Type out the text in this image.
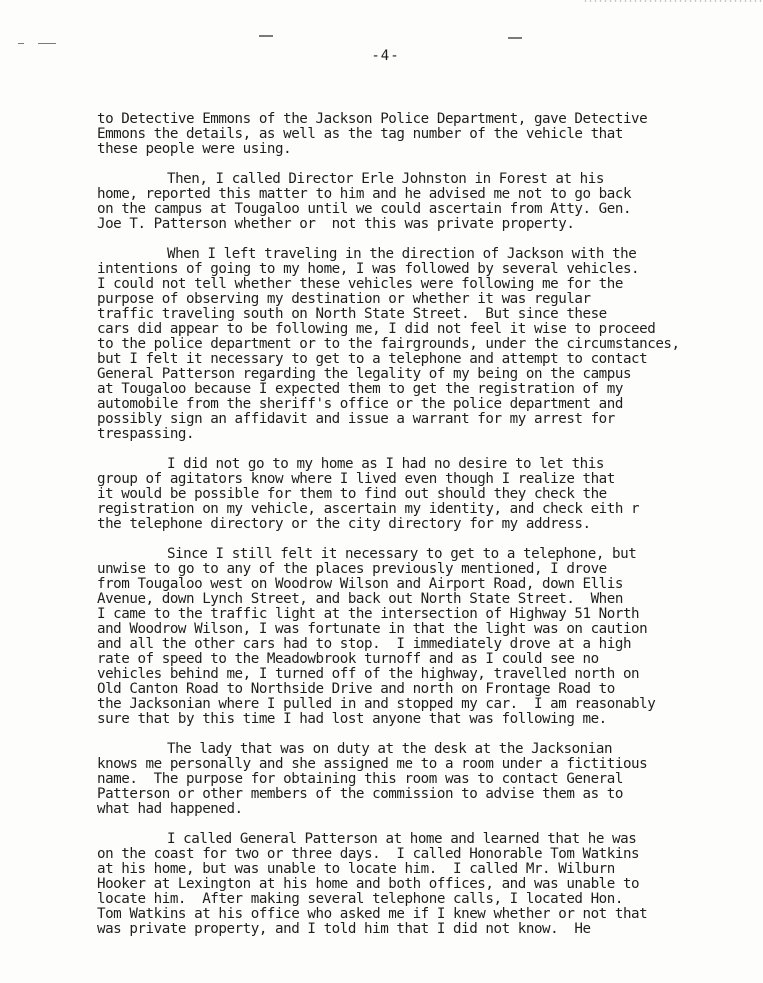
-4-
to Detective Emmons of the Jackson Police Department, gave Detective
Emmons the details, as well as the tag number of the vehicle that
these people were using.
Then, I called Director Erle Johnston in Forest at his
home, reported this matter to him and he advised me not to go back
on the campus at Tougaloo until we could ascertain from Atty. Gen.
Joe T. Patterson whether or  not this was private property.
When I left traveling in the direction of Jackson with the
intentions of going to my home, I was followed by several vehicles.
I could not tell whether these vehicles were following me for the
purpose of observing my destination or whether it was regular
traffic traveling south on North State Street.  But since these
cars did appear to be following me, I did not feel it wise to proceed
to the police department or to the fairgrounds, under the circumstances,
but I felt it necessary to get to a telephone and attempt to contact
General Patterson regarding the legality of my being on the campus
at Tougaloo because I expected them to get the registration of my
automobile from the sheriff's office or the police department and
possibly sign an affidavit and issue a warrant for my arrest for
trespassing.
I did not go to my home as I had no desire to let this
group of agitators know where I lived even though I realize that
it would be possible for them to find out should they check the
registration on my vehicle, ascertain my identity, and check eith r
the telephone directory or the city directory for my address.
Since I still felt it necessary to get to a telephone, but
unwise to go to any of the places previously mentioned, I drove
from Tougaloo west on Woodrow Wilson and Airport Road, down Ellis
Avenue, down Lynch Street, and back out North State Street.  When
I came to the traffic light at the intersection of Highway 51 North
and Woodrow Wilson, I was fortunate in that the light was on caution
and all the other cars had to stop.  I immediately drove at a high
rate of speed to the Meadowbrook turnoff and as I could see no
vehicles behind me, I turned off of the highway, travelled north on
Old Canton Road to Northside Drive and north on Frontage Road to
the Jacksonian where I pulled in and stopped my car.  I am reasonably
sure that by this time I had lost anyone that was following me.
The lady that was on duty at the desk at the Jacksonian
knows me personally and she assigned me to a room under a fictitious
name.  The purpose for obtaining this room was to contact General
Patterson or other members of the commission to advise them as to
what had happened.
I called General Patterson at home and learned that he was
on the coast for two or three days.  I called Honorable Tom Watkins
at his home, but was unable to locate him.  I called Mr. Wilburn
Hooker at Lexington at his home and both offices, and was unable to
locate him.  After making several telephone calls, I located Hon.
Tom Watkins at his office who asked me if I knew whether or not that
was private property, and I told him that I did not know.  He
